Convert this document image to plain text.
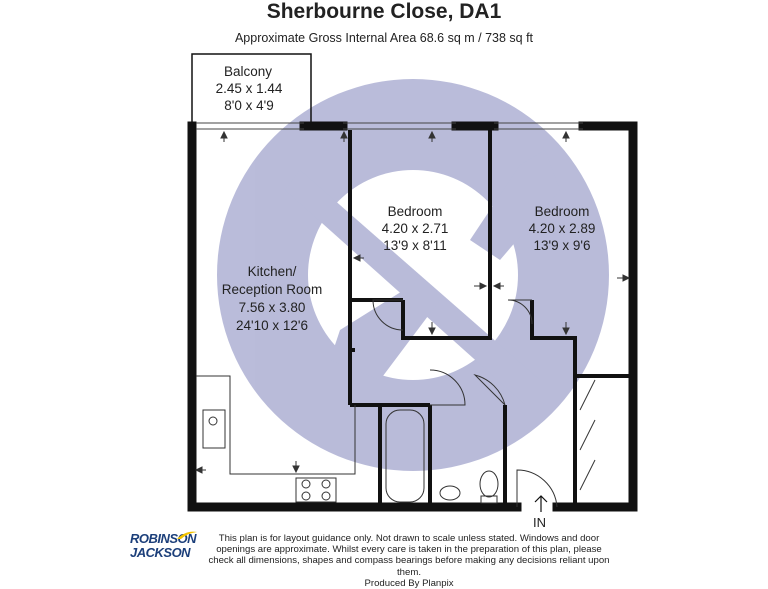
Sherbourne Close, DA1
Approximate Gross Internal Area 68.6 sq m / 738 sq ft
Balcony
2.45 x 1.44
8'0 x 4'9
Bedroom
4.20 x 2.71
13'9 x 8'11
Bedroom
4.20 x 2.89
13'9 x 9'6
Kitchen/
Reception Room
7.56 x 3.80
24'10 x 12'6
IN
ROBINSON
JACKSON
This plan is for layout guidance only. Not drawn to scale unless stated. Windows and door openings are approximate. Whilst every care is taken in the preparation of this plan, please check all dimensions, shapes and compass bearings before making any decisions reliant upon them.
Produced By Planpix
